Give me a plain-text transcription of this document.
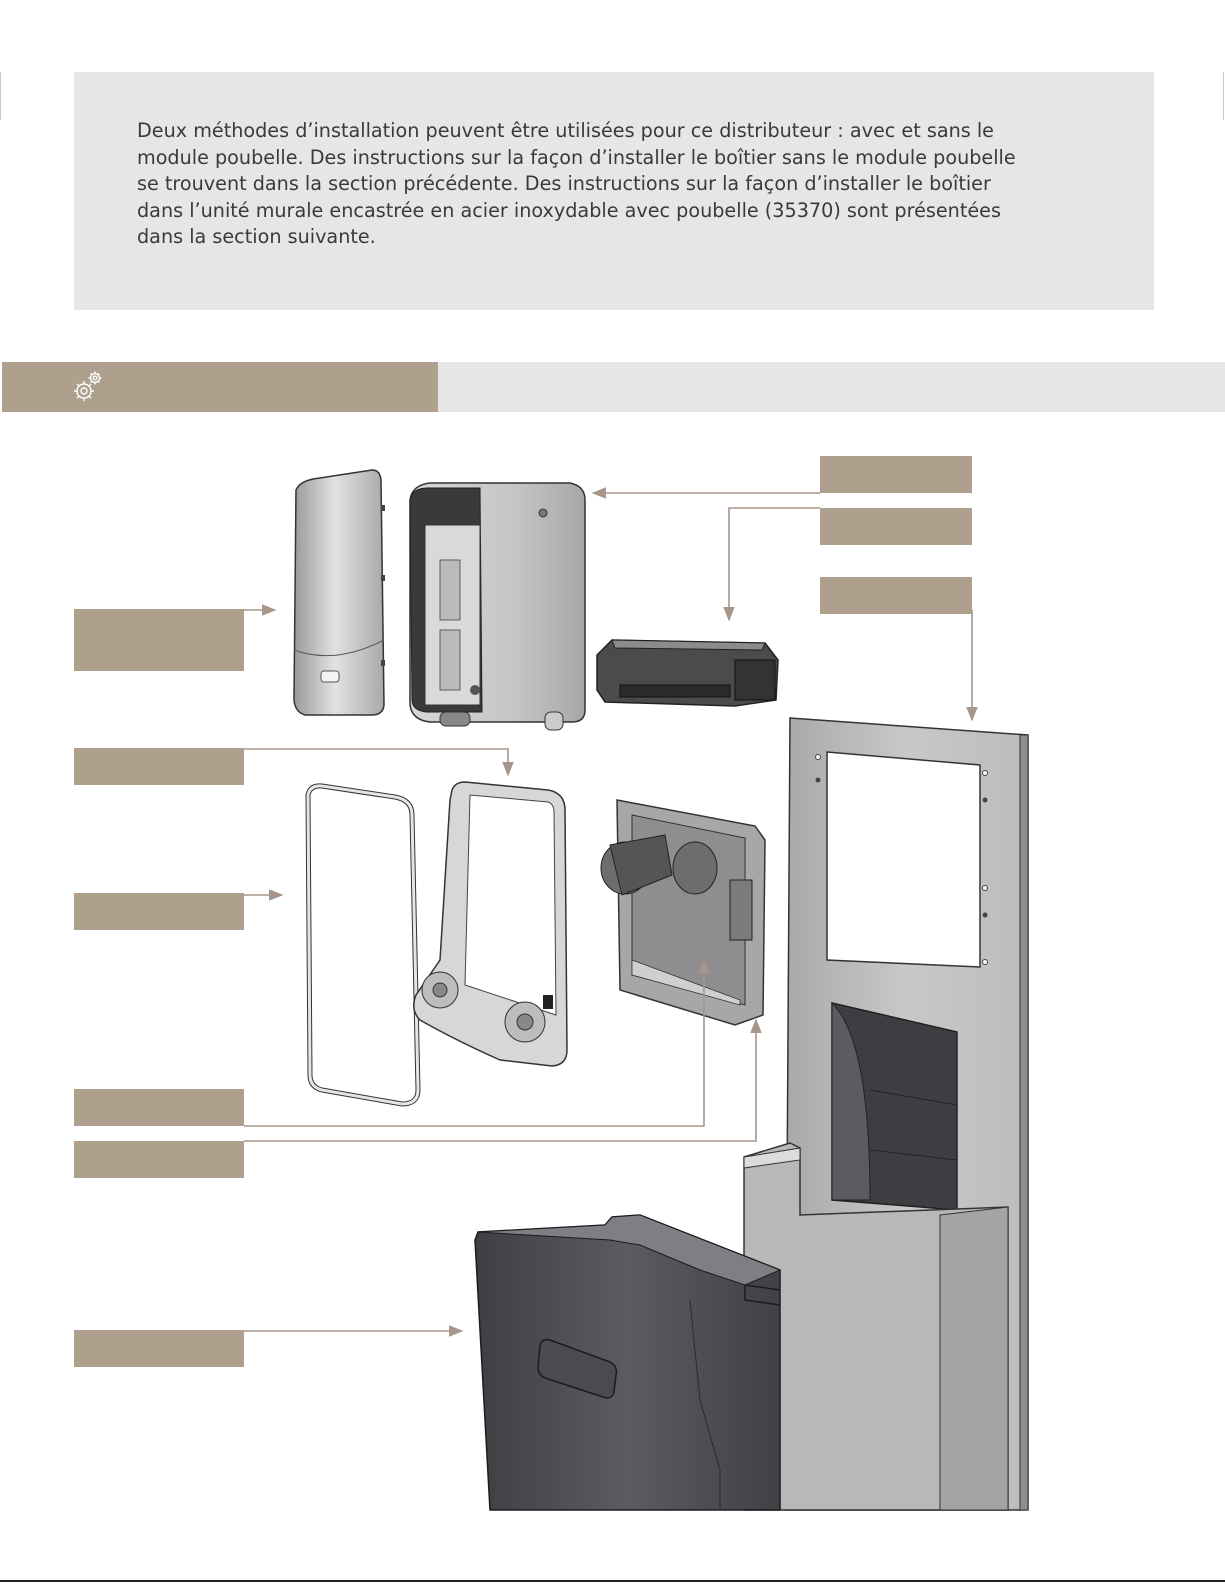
Deux méthodes d’installation peuvent être utilisées pour ce distributeur : avec et sans le module poubelle. Des instructions sur la façon d’installer le boîtier sans le module poubelle se trouvent dans la section précédente. Des instructions sur la façon d’installer le boîtier dans l’unité murale encastrée en acier inoxydable avec poubelle (35370) sont présentées dans la section suivante.
